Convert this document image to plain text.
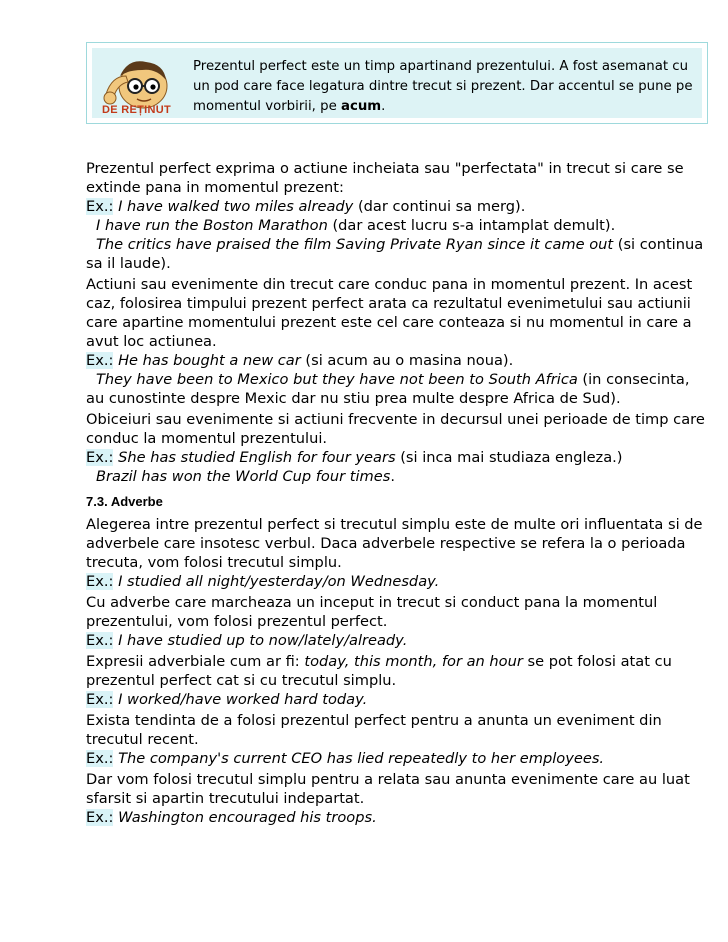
DE REȚINUT
Prezentul perfect este un timp apartinand prezentului. A fost asemanat cu un pod care face legatura dintre trecut si prezent. Dar accentul se pune pe momentul vorbirii, pe acum.

Prezentul perfect exprima o actiune incheiata sau "perfectata" in trecut si care se extinde pana in momentul prezent:
Ex.: I have walked two miles already (dar continui sa merg).
I have run the Boston Marathon (dar acest lucru s-a intamplat demult).
The critics have praised the film Saving Private Ryan since it came out (si continua sa il laude).

Actiuni sau evenimente din trecut care conduc pana in momentul prezent. In acest caz, folosirea timpului prezent perfect arata ca rezultatul evenimetului sau actiunii care apartine momentului prezent este cel care conteaza si nu momentul in care a avut loc actiunea.
Ex.: He has bought a new car (si acum au o masina noua).
They have been to Mexico but they have not been to South Africa (in consecinta, au cunostinte despre Mexic dar nu stiu prea multe despre Africa de Sud).

Obiceiuri sau evenimente si actiuni frecvente in decursul unei perioade de timp care conduc la momentul prezentului.
Ex.: She has studied English for four years (si inca mai studiaza engleza.)
Brazil has won the World Cup four times.

7.3. Adverbe

Alegerea intre prezentul perfect si trecutul simplu este de multe ori influentata si de adverbele care insotesc verbul. Daca adverbele respective se refera la o perioada trecuta, vom folosi trecutul simplu.
Ex.: I studied all night/yesterday/on Wednesday.

Cu adverbe care marcheaza un inceput in trecut si conduct pana la momentul prezentului, vom folosi prezentul perfect.
Ex.: I have studied up to now/lately/already.

Expresii adverbiale cum ar fi: today, this month, for an hour se pot folosi atat cu prezentul perfect cat si cu trecutul simplu.
Ex.: I worked/have worked hard today.

Exista tendinta de a folosi prezentul perfect pentru a anunta un eveniment din trecutul recent.
Ex.: The company's current CEO has lied repeatedly to her employees.

Dar vom folosi trecutul simplu pentru a relata sau anunta evenimente care au luat sfarsit si apartin trecutului indepartat.
Ex.: Washington encouraged his troops.
